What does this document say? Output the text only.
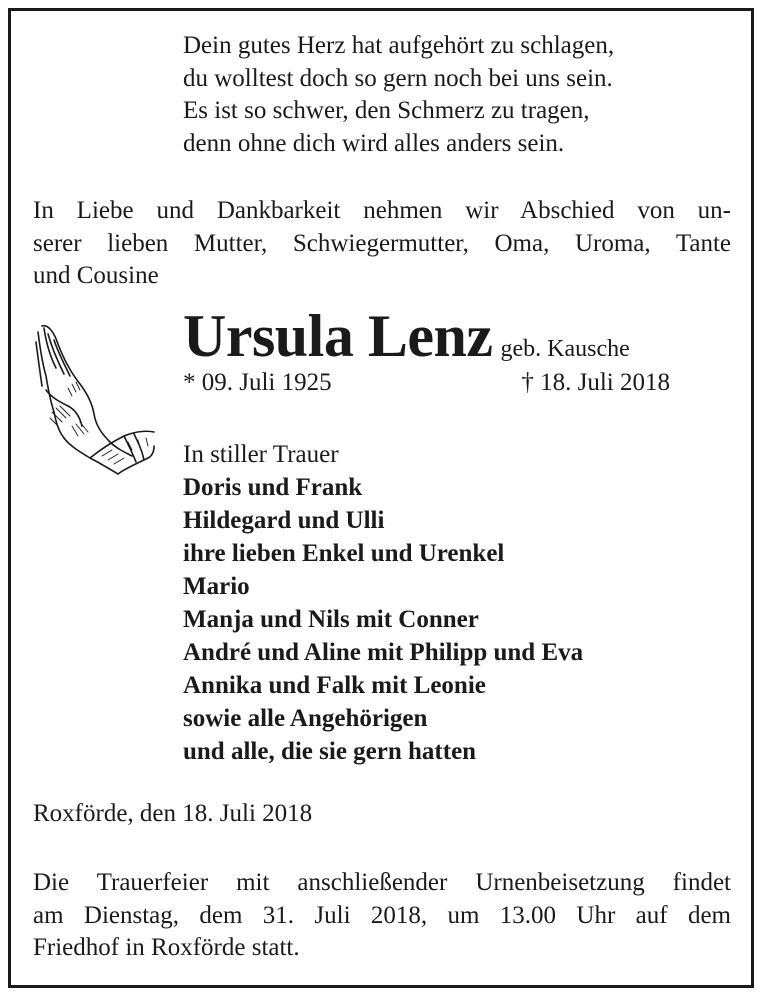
Dein gutes Herz hat aufgehört zu schlagen,
du wolltest doch so gern noch bei uns sein.
Es ist so schwer, den Schmerz zu tragen,
denn ohne dich wird alles anders sein.
In Liebe und Dankbarkeit nehmen wir Abschied von un-
serer lieben Mutter, Schwiegermutter, Oma, Uroma, Tante
und Cousine
Ursula Lenz geb. Kausche
* 09. Juli 1925	† 18. Juli 2018
In stiller Trauer
Doris und Frank
Hildegard und Ulli
ihre lieben Enkel und Urenkel
Mario
Manja und Nils mit Conner
André und Aline mit Philipp und Eva
Annika und Falk mit Leonie
sowie alle Angehörigen
und alle, die sie gern hatten
Roxförde, den 18. Juli 2018
Die Trauerfeier mit anschließender Urnenbeisetzung findet
am Dienstag, dem 31. Juli 2018, um 13.00 Uhr auf dem
Friedhof in Roxförde statt.
